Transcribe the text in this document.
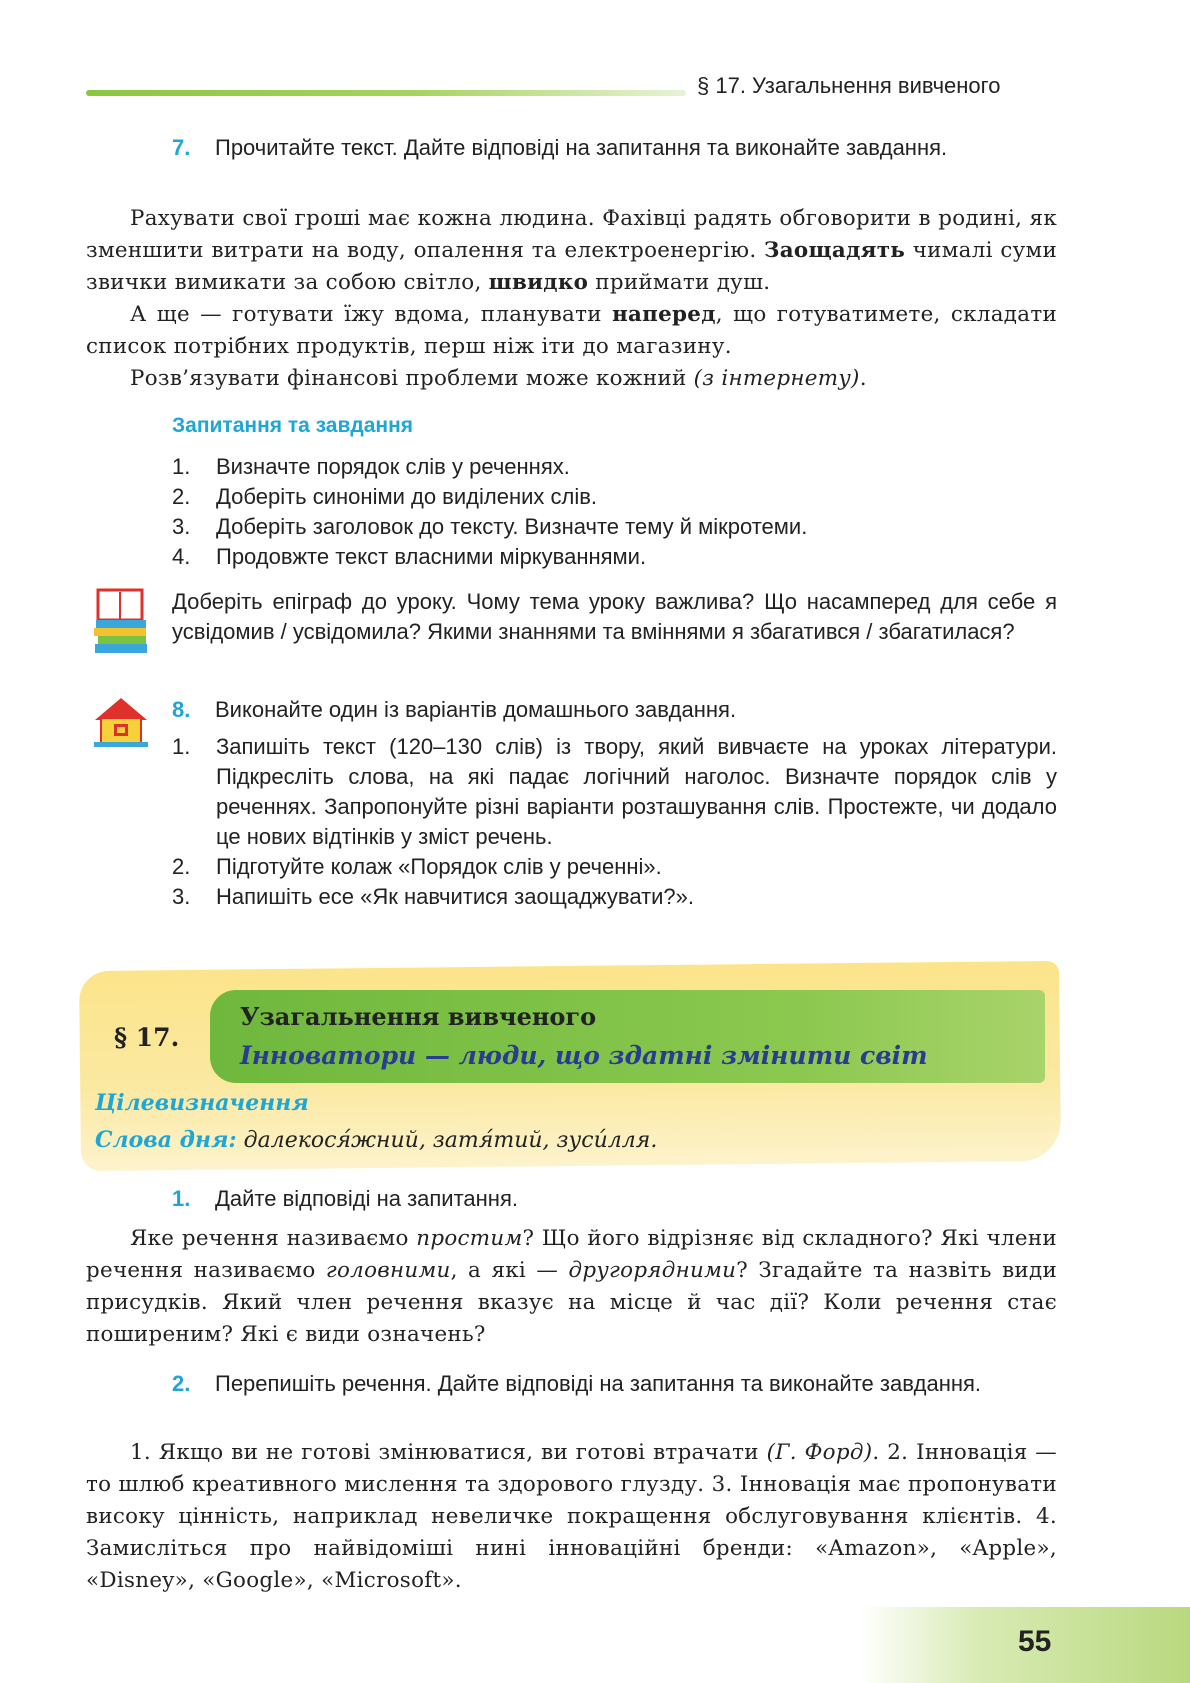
§ 17. Узагальнення вивченого
7. Прочитайте текст. Дайте відповіді на запитання та виконайте завдання.

Рахувати свої гроші має кожна людина. Фахівці радять обговорити в родині, як зменшити витрати на воду, опалення та електроенергію. Заощадять чималі суми звички вимикати за собою світло, швидко приймати душ.

А ще — готувати їжу вдома, планувати наперед, що готуватимете, складати список потрібних продуктів, перш ніж іти до магазину.

Розв’язувати фінансові проблеми може кожний (з інтернету).

Запитання та завдання
1. Визначте порядок слів у реченнях.
2. Доберіть синоніми до виділених слів.
3. Доберіть заголовок до тексту. Визначте тему й мікротеми.
4. Продовжте текст власними міркуваннями.
Доберіть епіграф до уроку. Чому тема уроку важлива? Що насамперед для себе я усвідомив / усвідомила? Якими знаннями та вміннями я збагатився / збагатилася?
8. Виконайте один із варіантів домашнього завдання.
1. Запишіть текст (120–130 слів) із твору, який вивчаєте на уроках літератури. Підкресліть слова, на які падає логічний наголос. Визначте порядок слів у реченнях. Запропонуйте різні варіанти розташування слів. Простежте, чи додало це нових відтінків у зміст речень.
2. Підготуйте колаж «Порядок слів у реченні».
3. Напишіть есе «Як навчитися заощаджувати?».
§ 17.
Узагальнення вивченого
Інноватори — люди, що здатні змінити світ
Цілевизначення
Слова дня: далекося́жний, затя́тий, зуси́лля.
1. Дайте відповіді на запитання.

Яке речення називаємо простим? Що його відрізняє від складного? Які члени речення називаємо головними, а які — другорядними? Згадайте та назвіть види присудків. Який член речення вказує на місце й час дії? Коли речення стає поширеним? Які є види означень?

2. Перепишіть речення. Дайте відповіді на запитання та виконайте завдання.

1. Якщо ви не готові змінюватися, ви готові втрачати (Г. Форд). 2. Інновація — то шлюб креативного мислення та здорового глузду. 3. Інновація має пропонувати високу цінність, наприклад невеличке покращення обслуговування клієнтів. 4. Замисліться про найвідоміші нині інноваційні бренди: «Amazon», «Apple», «Disney», «Google», «Microsoft».

55
